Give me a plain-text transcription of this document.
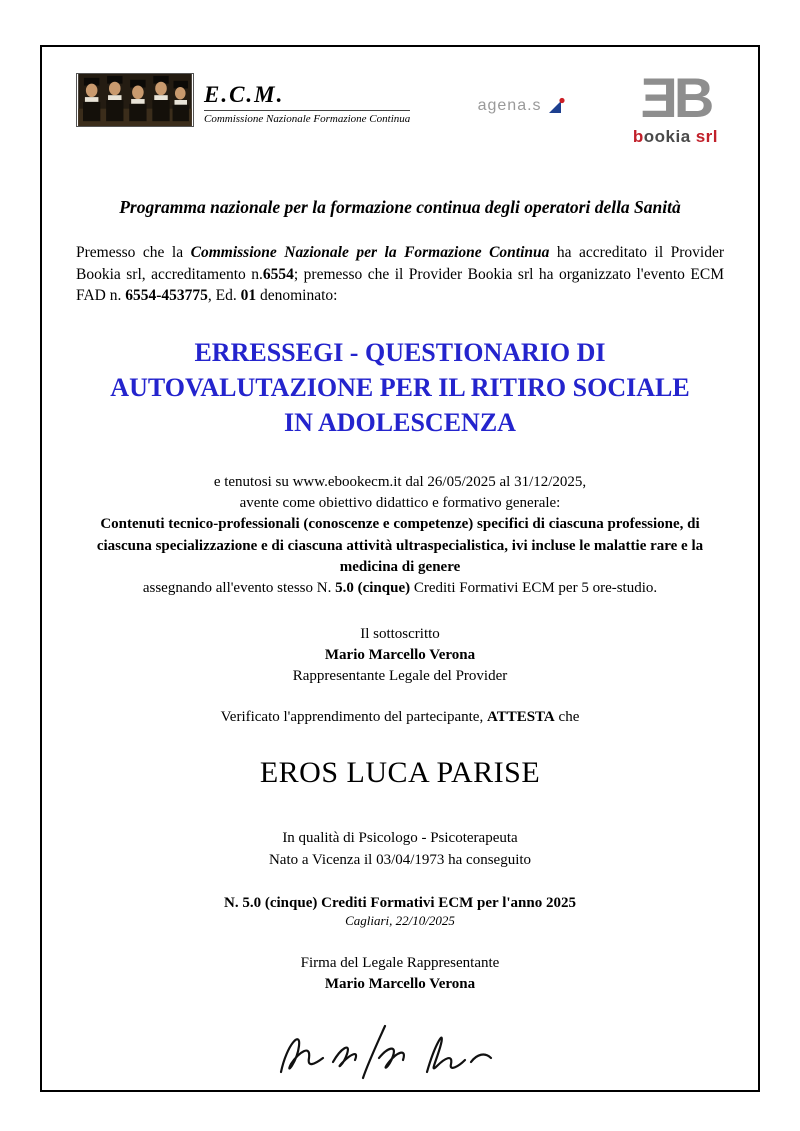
E.C.M.
Commissione Nazionale Formazione Continua
agena.s ƎB
bookia srl
Programma nazionale per la formazione continua degli operatori della Sanità

Premesso che la Commissione Nazionale per la Formazione Continua ha accreditato il Provider Bookia srl, accreditamento n.6554; premesso che il Provider Bookia srl ha organizzato l'evento ECM FAD n. 6554-453775, Ed. 01 denominato:

ERRESSEGI - QUESTIONARIO DI AUTOVALUTAZIONE PER IL RITIRO SOCIALE IN ADOLESCENZA
e tenutosi su www.ebookecm.it dal 26/05/2025 al 31/12/2025,
avente come obiettivo didattico e formativo generale:
Contenuti tecnico-professionali (conoscenze e competenze) specifici di ciascuna professione, di ciascuna specializzazione e di ciascuna attività ultraspecialistica, ivi incluse le malattie rare e la medicina di genere
assegnando all'evento stesso N. 5.0 (cinque) Crediti Formativi ECM per 5 ore-studio.
Il sottoscritto
Mario Marcello Verona
Rappresentante Legale del Provider
Verificato l'apprendimento del partecipante, ATTESTA che
EROS LUCA PARISE
In qualità di Psicologo - Psicoterapeuta
Nato a Vicenza il 03/04/1973 ha conseguito
N. 5.0 (cinque) Crediti Formativi ECM per l'anno 2025
Cagliari, 22/10/2025
Firma del Legale Rappresentante
Mario Marcello Verona
